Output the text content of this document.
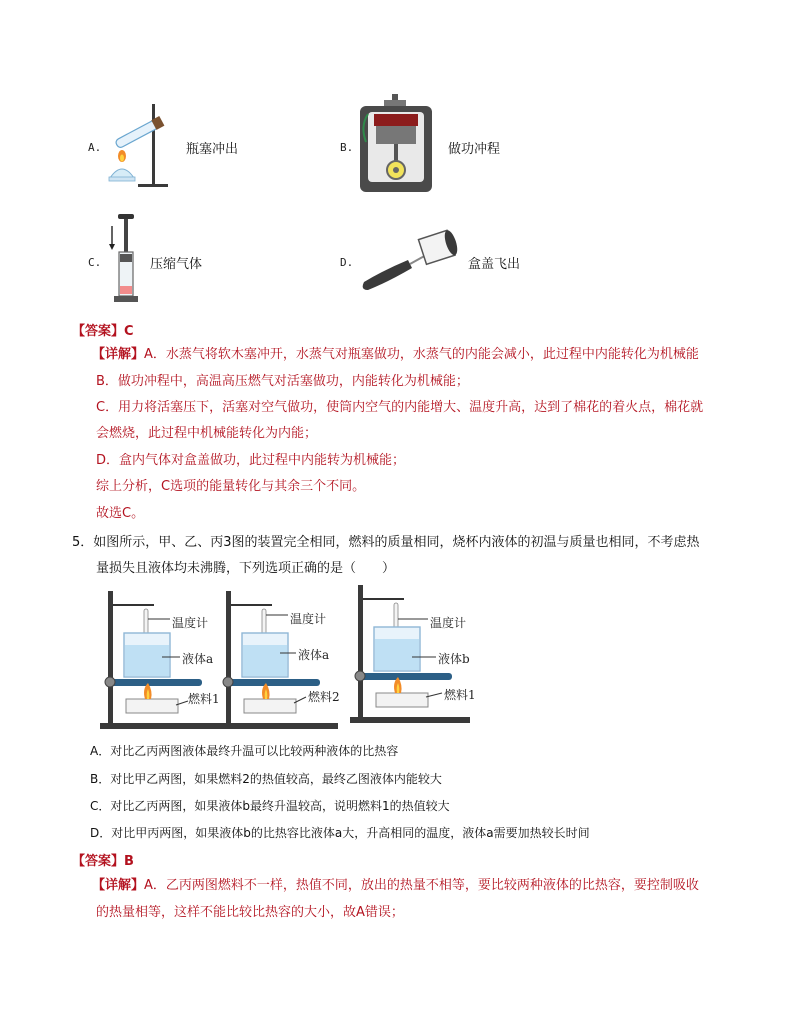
A.	瓶塞冲出	B.	做功冲程
C.	压缩气体	D.	盒盖飞出
【答案】C
【详解】A．水蒸气将软木塞冲开，水蒸气对瓶塞做功，水蒸气的内能会减小，此过程中内能转化为机械能
B．做功冲程中，高温高压燃气对活塞做功，内能转化为机械能；
C．用力将活塞压下，活塞对空气做功，使筒内空气的内能增大、温度升高，达到了棉花的着火点，棉花就
会燃烧，此过程中机械能转化为内能；
D．盒内气体对盒盖做功，此过程中内能转为机械能；
综上分析，C选项的能量转化与其余三个不同。
故选C。
5．如图所示，甲、乙、丙3图的装置完全相同，燃料的质量相同，烧杯内液体的初温与质量也相同，不考虑热
量损失且液体均未沸腾，下列选项正确的是（　　）
温度计
液体a
燃料1
温度计
液体a
燃料2
温度计
液体b
燃料1
A．对比乙丙两图液体最终升温可以比较两种液体的比热容
B．对比甲乙两图，如果燃料2的热值较高，最终乙图液体内能较大
C．对比乙丙两图，如果液体b最终升温较高，说明燃料1的热值较大
D．对比甲丙两图，如果液体b的比热容比液体a大，升高相同的温度，液体a需要加热较长时间
【答案】B
【详解】A．乙丙两图燃料不一样，热值不同，放出的热量不相等，要比较两种液体的比热容，要控制吸收
的热量相等，这样不能比较比热容的大小，故A错误；
